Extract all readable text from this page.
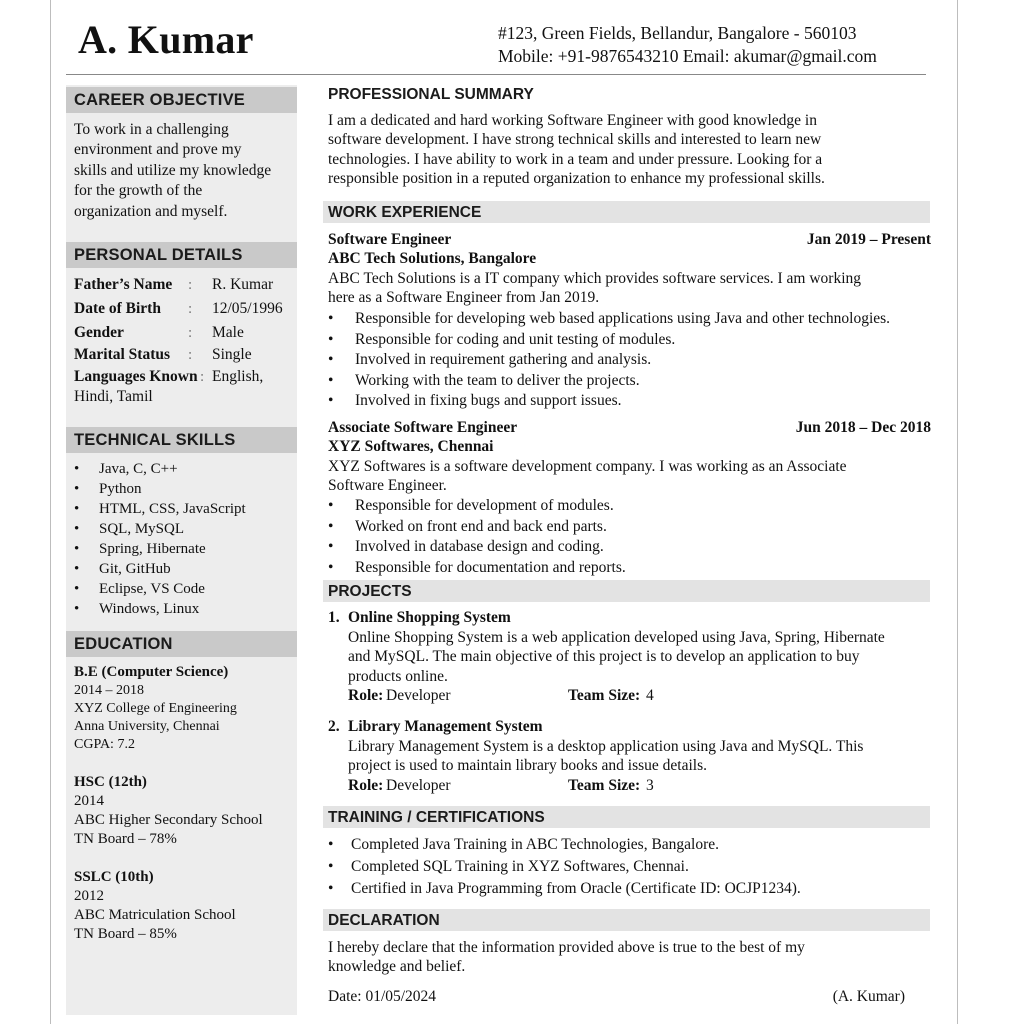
A. Kumar	#123, Green Fields, Bellandur, Bangalore - 560103
Mobile: +91-9876543210 Email: akumar@gmail.com
CAREER OBJECTIVE
To work in a challenging
environment and prove my
skills and utilize my knowledge
for the growth of the
organization and myself.
PERSONAL DETAILS
Father’s Name : R. Kumar
Date of Birth : 12/05/1996
Gender	: Male
Marital Status : Single
Languages Known : English,
Hindi, Tamil
TECHNICAL SKILLS
• Java, C, C++
• Python
• HTML, CSS, JavaScript
• SQL, MySQL
• Spring, Hibernate
• Git, GitHub
• Eclipse, VS Code
• Windows, Linux
EDUCATION
B.E (Computer Science)
2014 – 2018
XYZ College of Engineering
Anna University, Chennai
CGPA: 7.2
HSC (12th)
2014
ABC Higher Secondary School
TN Board – 78%
SSLC (10th)
2012
ABC Matriculation School
TN Board – 85%
PROFESSIONAL SUMMARY
I am a dedicated and hard working Software Engineer with good knowledge in
software development. I have strong technical skills and interested to learn new
technologies. I have ability to work in a team and under pressure. Looking for a
responsible position in a reputed organization to enhance my professional skills.
WORK EXPERIENCE
Software Engineer	Jan 2019 – Present
ABC Tech Solutions, Bangalore
ABC Tech Solutions is a IT company which provides software services. I am working
here as a Software Engineer from Jan 2019.
• Responsible for developing web based applications using Java and other technologies.
• Responsible for coding and unit testing of modules.
• Involved in requirement gathering and analysis.
• Working with the team to deliver the projects.
• Involved in fixing bugs and support issues.
Associate Software Engineer	Jun 2018 – Dec 2018
XYZ Softwares, Chennai
XYZ Softwares is a software development company. I was working as an Associate
Software Engineer.
• Responsible for development of modules.
• Worked on front end and back end parts.
• Involved in database design and coding.
• Responsible for documentation and reports.
PROJECTS
1. Online Shopping System
Online Shopping System is a web application developed using Java, Spring, Hibernate
and MySQL. The main objective of this project is to develop an application to buy
products online.
Role: Developer	Team Size: 4
2. Library Management System
Library Management System is a desktop application using Java and MySQL. This
project is used to maintain library books and issue details.
Role: Developer	Team Size: 3
TRAINING / CERTIFICATIONS
• Completed Java Training in ABC Technologies, Bangalore.
• Completed SQL Training in XYZ Softwares, Chennai.
• Certified in Java Programming from Oracle (Certificate ID: OCJP1234).
DECLARATION
I hereby declare that the information provided above is true to the best of my
knowledge and belief.
Date: 01/05/2024	(A. Kumar)
